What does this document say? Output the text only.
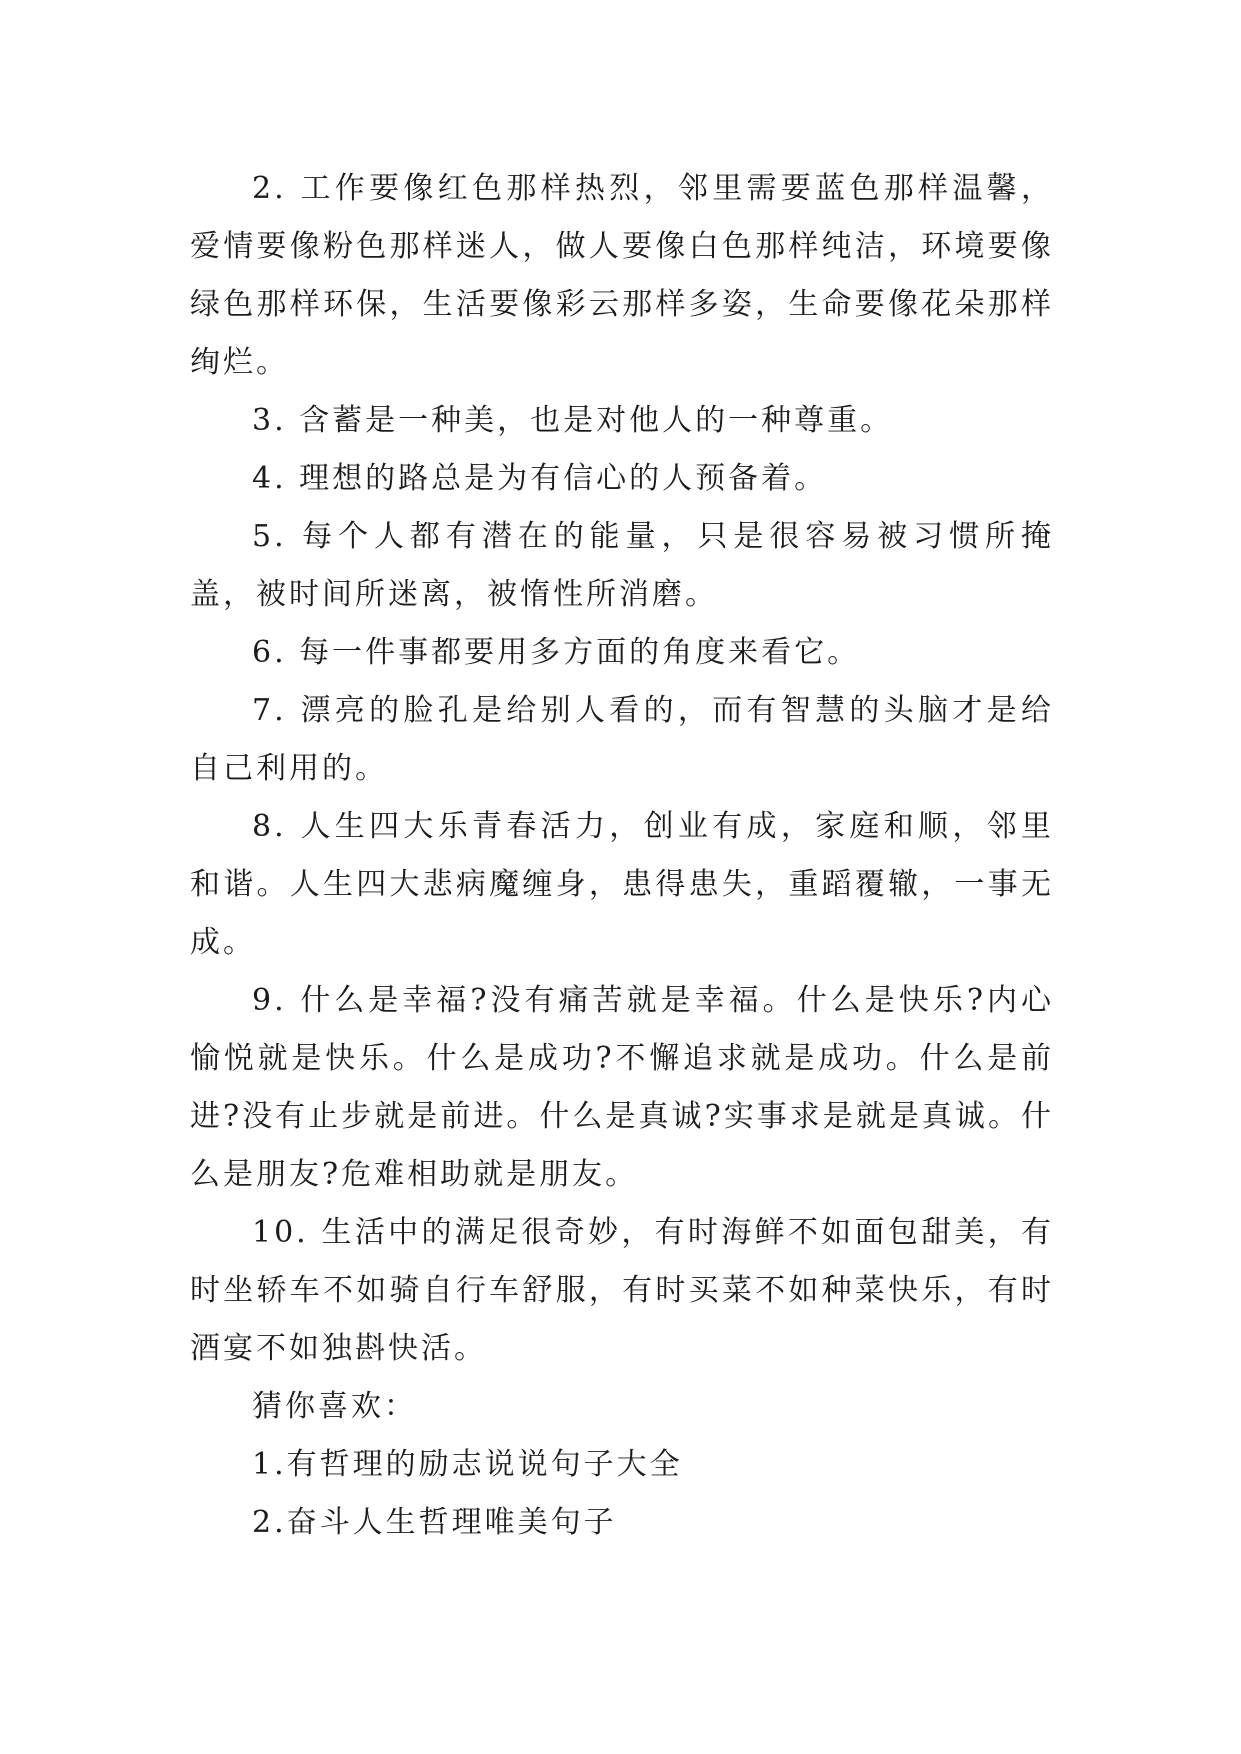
2. 工作要像红色那样热烈，邻里需要蓝色那样温馨，爱情要像粉色那样迷人，做人要像白色那样纯洁，环境要像绿色那样环保，生活要像彩云那样多姿，生命要像花朵那样绚烂。

3. 含蓄是一种美，也是对他人的一种尊重。

4. 理想的路总是为有信心的人预备着。

5. 每个人都有潜在的能量，只是很容易被习惯所掩盖，被时间所迷离，被惰性所消磨。

6. 每一件事都要用多方面的角度来看它。

7. 漂亮的脸孔是给别人看的，而有智慧的头脑才是给自己利用的。

8. 人生四大乐青春活力，创业有成，家庭和顺，邻里和谐。人生四大悲病魔缠身，患得患失，重蹈覆辙，一事无成。

9. 什么是幸福?没有痛苦就是幸福。什么是快乐?内心愉悦就是快乐。什么是成功?不懈追求就是成功。什么是前进?没有止步就是前进。什么是真诚?实事求是就是真诚。什么是朋友?危难相助就是朋友。

10. 生活中的满足很奇妙，有时海鲜不如面包甜美，有时坐轿车不如骑自行车舒服，有时买菜不如种菜快乐，有时酒宴不如独斟快活。

猜你喜欢：

1.有哲理的励志说说句子大全

2.奋斗人生哲理唯美句子
